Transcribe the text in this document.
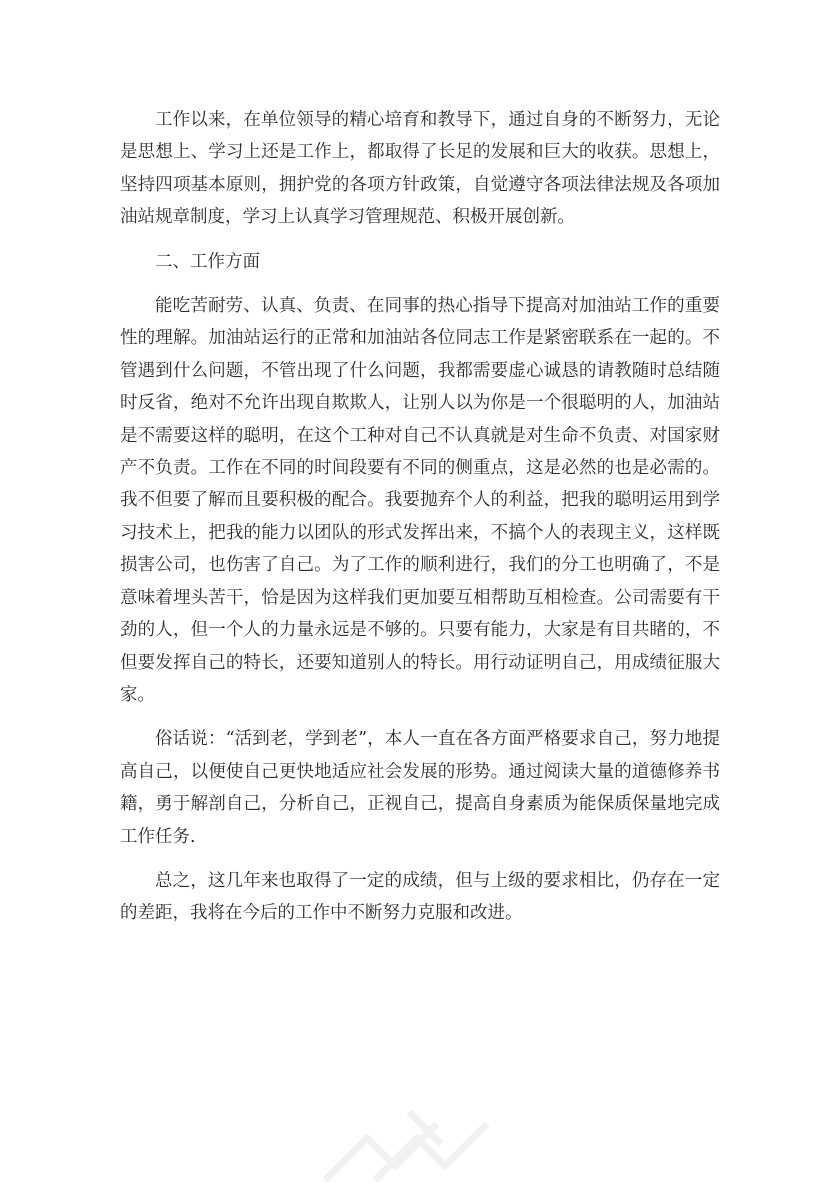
工作以来，在单位领导的精心培育和教导下，通过自身的不断努力，无论是思想上、学习上还是工作上，都取得了长足的发展和巨大的收获。思想上，坚持四项基本原则，拥护党的各项方针政策，自觉遵守各项法律法规及各项加油站规章制度，学习上认真学习管理规范、积极开展创新。

二、工作方面

能吃苦耐劳、认真、负责、在同事的热心指导下提高对加油站工作的重要性的理解。加油站运行的正常和加油站各位同志工作是紧密联系在一起的。不管遇到什么问题，不管出现了什么问题，我都需要虚心诚恳的请教随时总结随时反省，绝对不允许出现自欺欺人，让别人以为你是一个很聪明的人，加油站是不需要这样的聪明，在这个工种对自己不认真就是对生命不负责、对国家财产不负责。工作在不同的时间段要有不同的侧重点，这是必然的也是必需的。我不但要了解而且要积极的配合。我要抛弃个人的利益，把我的聪明运用到学习技术上，把我的能力以团队的形式发挥出来，不搞个人的表现主义，这样既损害公司，也伤害了自己。为了工作的顺利进行，我们的分工也明确了，不是意味着埋头苦干，恰是因为这样我们更加要互相帮助互相检查。公司需要有干劲的人，但一个人的力量永远是不够的。只要有能力，大家是有目共睹的，不但要发挥自己的特长，还要知道别人的特长。用行动证明自己，用成绩征服大家。

俗话说：“活到老，学到老”，本人一直在各方面严格要求自己，努力地提高自己，以便使自己更快地适应社会发展的形势。通过阅读大量的道德修养书籍，勇于解剖自己，分析自己，正视自己，提高自身素质为能保质保量地完成工作任务.

总之，这几年来也取得了一定的成绩，但与上级的要求相比，仍存在一定的差距，我将在今后的工作中不断努力克服和改进。
